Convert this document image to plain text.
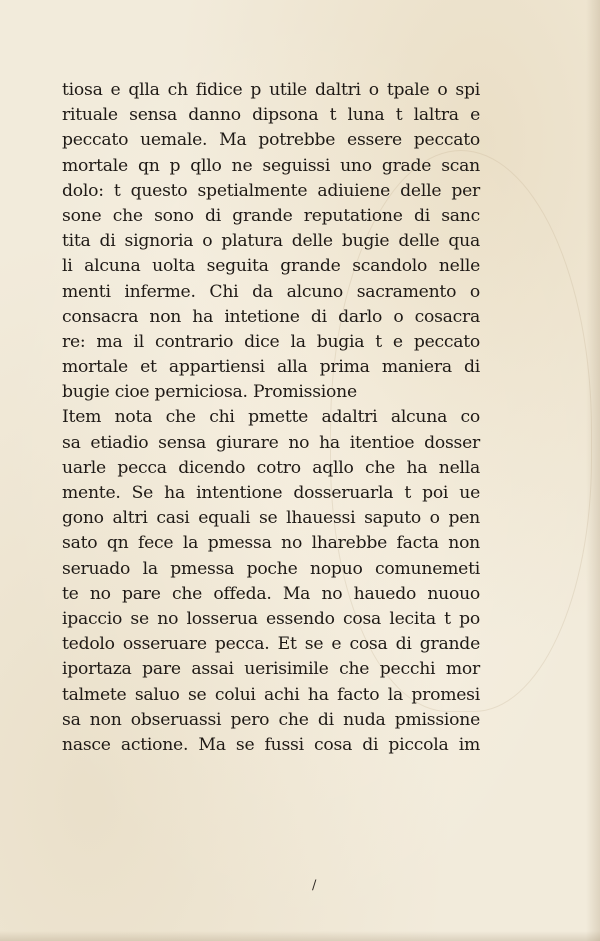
tiosa e qlla ch fidice p utile daltri o tpale o spi
rituale sensa danno dipsona t luna t laltra e
peccato uemale. Ma potrebbe essere peccato
mortale qn p qllo ne seguissi uno grade scan
dolo: t questo spetialmente adiuiene delle per
sone che sono di grande reputatione di sanc
tita di signoria o platura delle bugie delle qua
li alcuna uolta seguita grande scandolo nelle
menti inferme. Chi da alcuno sacramento o
consacra non ha intetione di darlo o cosacra
re: ma il contrario dice la bugia t e peccato
mortale et appartiensi alla prima maniera di
bugie cioe perniciosa. Promissione
Item nota che chi pmette adaltri alcuna co
sa etiadio sensa giurare no ha itentioe dosser
uarle pecca dicendo cotro aqllo che ha nella
mente. Se ha intentione dosseruarla t poi ue
gono altri casi equali se lhauessi saputo o pen
sato qn fece la pmessa no lharebbe facta non
seruado la pmessa poche nopuo comunemeti
te no pare che offeda. Ma no hauedo nuouo
ipaccio se no losserua essendo cosa lecita t po
tedolo osseruare pecca. Et se e cosa di grande
iportaza pare assai uerisimile che pecchi mor
talmete saluo se colui achi ha facto la promesi
sa non obseruassi pero che di nuda pmissione
nasce actione. Ma se fussi cosa di piccola im
/
